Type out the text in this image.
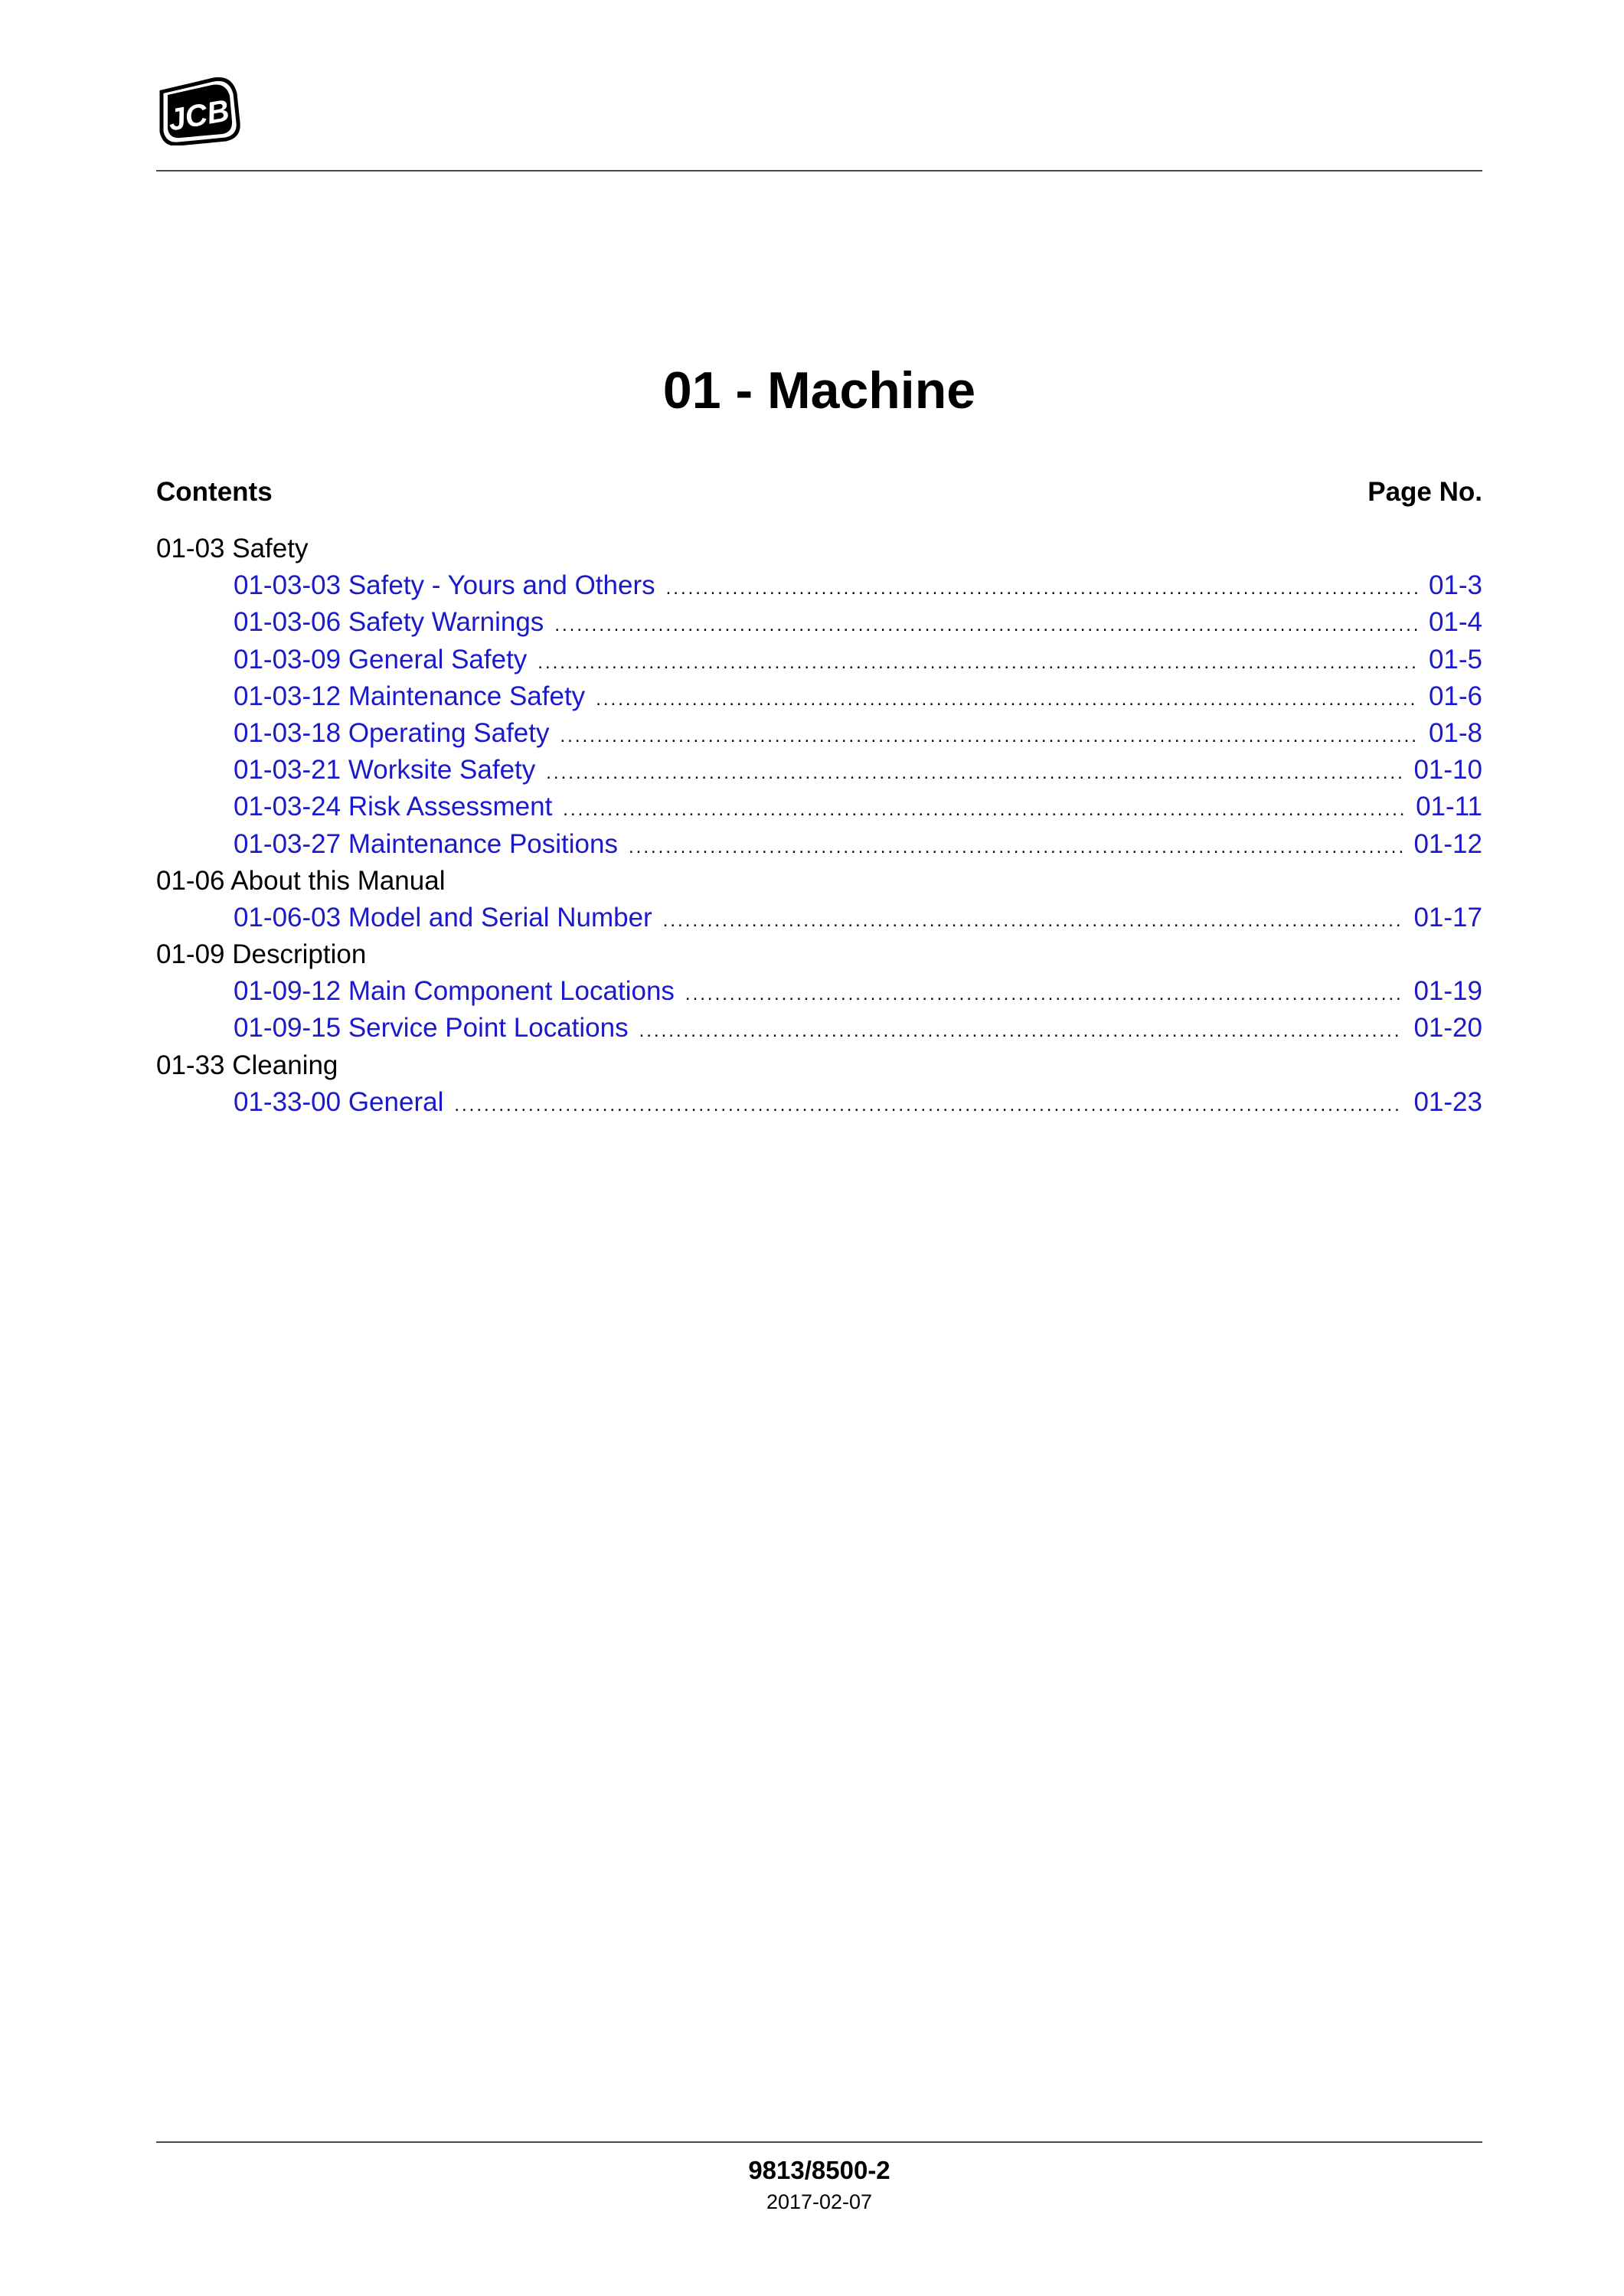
JCB
01 - Machine
Contents	Page No.
01-03 Safety
01-03-03 Safety - Yours and Others .....	01-3
01-03-06 Safety Warnings .....	01-4
01-03-09 General Safety .....	01-5
01-03-12 Maintenance Safety .....	01-6
01-03-18 Operating Safety .....	01-8
01-03-21 Worksite Safety .....	01-10
01-03-24 Risk Assessment .....	01-11
01-03-27 Maintenance Positions .....	01-12
01-06 About this Manual
01-06-03 Model and Serial Number .....	01-17
01-09 Description
01-09-12 Main Component Locations .....	01-19
01-09-15 Service Point Locations .....	01-20
01-33 Cleaning
01-33-00 General .....	01-23
9813/8500-2
2017-02-07
